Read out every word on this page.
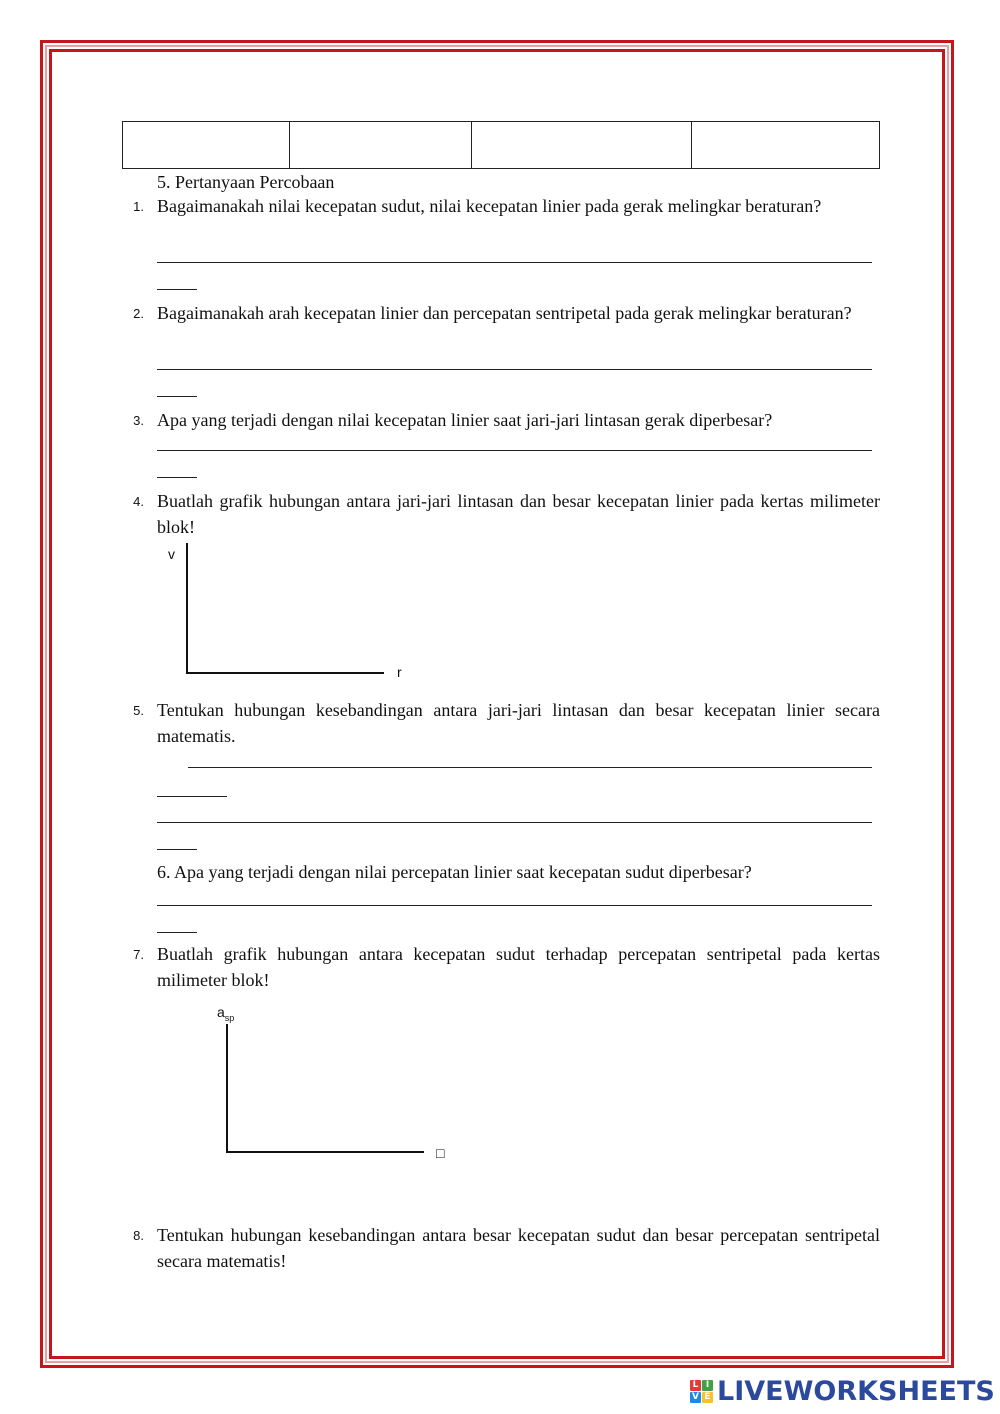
5. Pertanyaan Percobaan
1. Bagaimanakah nilai kecepatan sudut, nilai kecepatan linier pada gerak melingkar beraturan?
2. Bagaimanakah arah kecepatan linier dan percepatan sentripetal pada gerak melingkar beraturan?
3. Apa yang terjadi dengan nilai kecepatan linier saat jari-jari lintasan gerak diperbesar?
4. Buatlah grafik hubungan antara jari-jari lintasan dan besar kecepatan linier pada kertas milimeter blok!
v
r
5. Tentukan hubungan kesebandingan antara jari-jari lintasan dan besar kecepatan linier secara matematis.
6. Apa yang terjadi dengan nilai percepatan linier saat kecepatan sudut diperbesar?
7. Buatlah grafik hubungan antara kecepatan sudut terhadap percepatan sentripetal pada kertas milimeter blok!
$a_{sp}$
□
8. Tentukan hubungan kesebandingan antara besar kecepatan sudut dan besar percepatan sentripetal secara matematis!
L I
V E LIVEWORKSHEETS
